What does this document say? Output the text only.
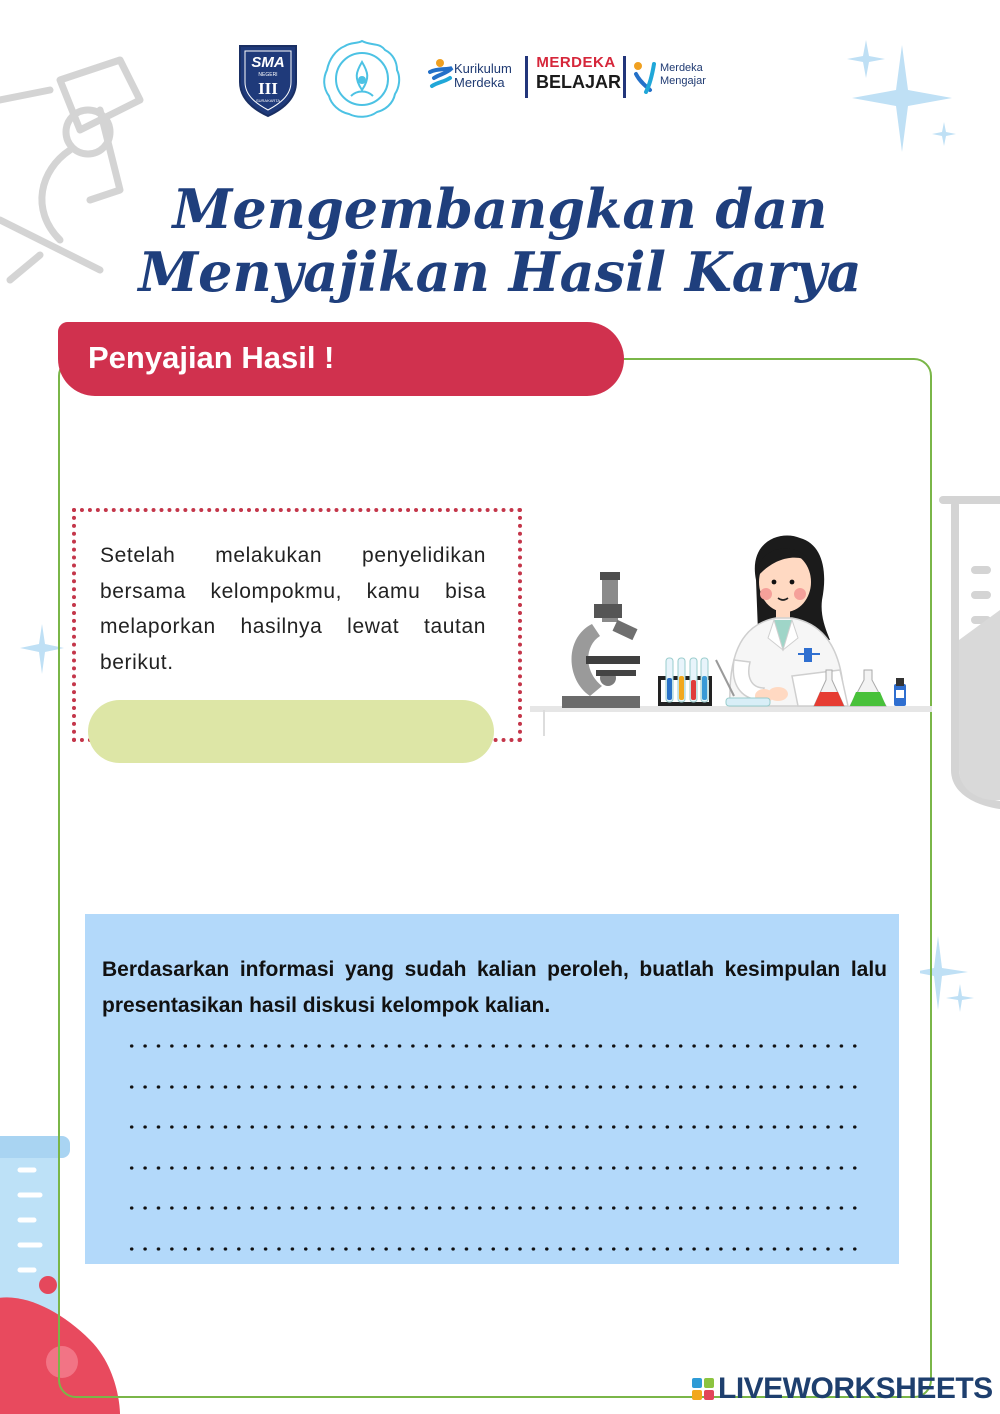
SMA
NEGERI
III
SURAKARTA
Kurikulum
Merdeka
MERDEKA
BELAJAR
Merdeka
Mengajar
Mengembangkan dan
Menyajikan Hasil Karya
Penyajian Hasil !
Setelah melakukan penyelidikan bersama kelompokmu, kamu bisa melaporkan hasilnya lewat tautan berikut.
Berdasarkan informasi yang sudah kalian peroleh, buatlah kesimpulan lalu presentasikan hasil diskusi kelompok kalian.
LIVEWORKSHEETS
